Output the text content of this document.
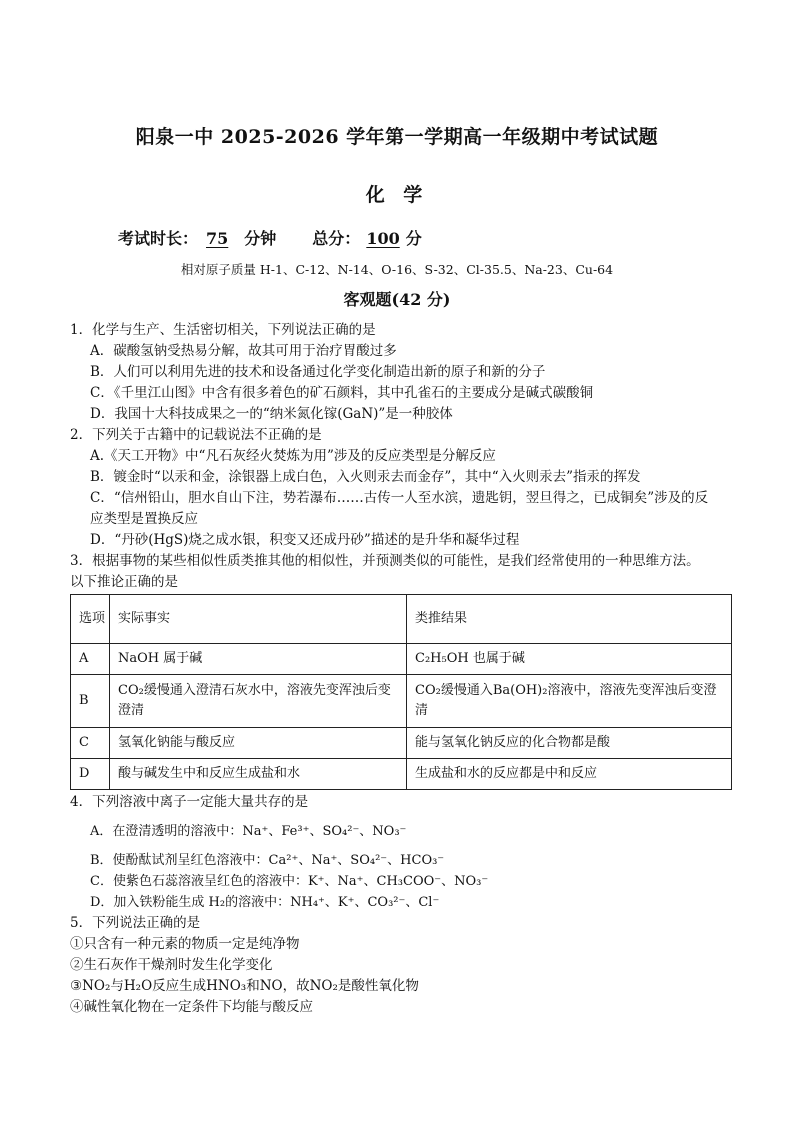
阳泉一中 2025-2026 学年第一学期高一年级期中考试试题
化 学
考试时长：75分钟 总分：100分
相对原子质量 H-1、C-12、N-14、O-16、S-32、Cl-35.5、Na-23、Cu-64
客观题(42 分)

1．化学与生产、生活密切相关，下列说法正确的是

A．碳酸氢钠受热易分解，故其可用于治疗胃酸过多

B．人们可以利用先进的技术和设备通过化学变化制造出新的原子和新的分子

C．《千里江山图》中含有很多着色的矿石颜料，其中孔雀石的主要成分是碱式碳酸铜

D．我国十大科技成果之一的“纳米氮化镓(GaN)”是一种胶体

2．下列关于古籍中的记载说法不正确的是

A.《天工开物》中“凡石灰经火焚炼为用”涉及的反应类型是分解反应

B．镀金时“以汞和金，涂银器上成白色，入火则汞去而金存”，其中“入火则汞去”指汞的挥发

C．“信州铅山，胆水自山下注，势若瀑布……古传一人至水滨，遗匙钥，翌旦得之，已成铜矣”涉及的反

应类型是置换反应

D．“丹砂(HgS)烧之成水银，积变又还成丹砂”描述的是升华和凝华过程

3．根据事物的某些相似性质类推其他的相似性，并预测类似的可能性，是我们经常使用的一种思维方法。

以下推论正确的是

选项	实际事实	类推结果
A	NaOH 属于碱	C₂H₅OH 也属于碱
B	CO₂缓慢通入澄清石灰水中，溶液先变浑浊后变澄清	CO₂缓慢通入Ba(OH)₂溶液中，溶液先变浑浊后变澄清
C	氢氧化钠能与酸反应	能与氢氧化钠反应的化合物都是酸
D	酸与碱发生中和反应生成盐和水	生成盐和水的反应都是中和反应

4．下列溶液中离子一定能大量共存的是

A．在澄清透明的溶液中：Na⁺、Fe³⁺、SO₄²⁻、NO₃⁻

B．使酚酞试剂呈红色溶液中：Ca²⁺、Na⁺、SO₄²⁻、HCO₃⁻

C．使紫色石蕊溶液呈红色的溶液中：K⁺、Na⁺、CH₃COO⁻、NO₃⁻

D．加入铁粉能生成 H₂的溶液中：NH₄⁺、K⁺、CO₃²⁻、Cl⁻

5．下列说法正确的是

①只含有一种元素的物质一定是纯净物

②生石灰作干燥剂时发生化学变化

③NO₂与H₂O反应生成HNO₃和NO，故NO₂是酸性氧化物

④碱性氧化物在一定条件下均能与酸反应
